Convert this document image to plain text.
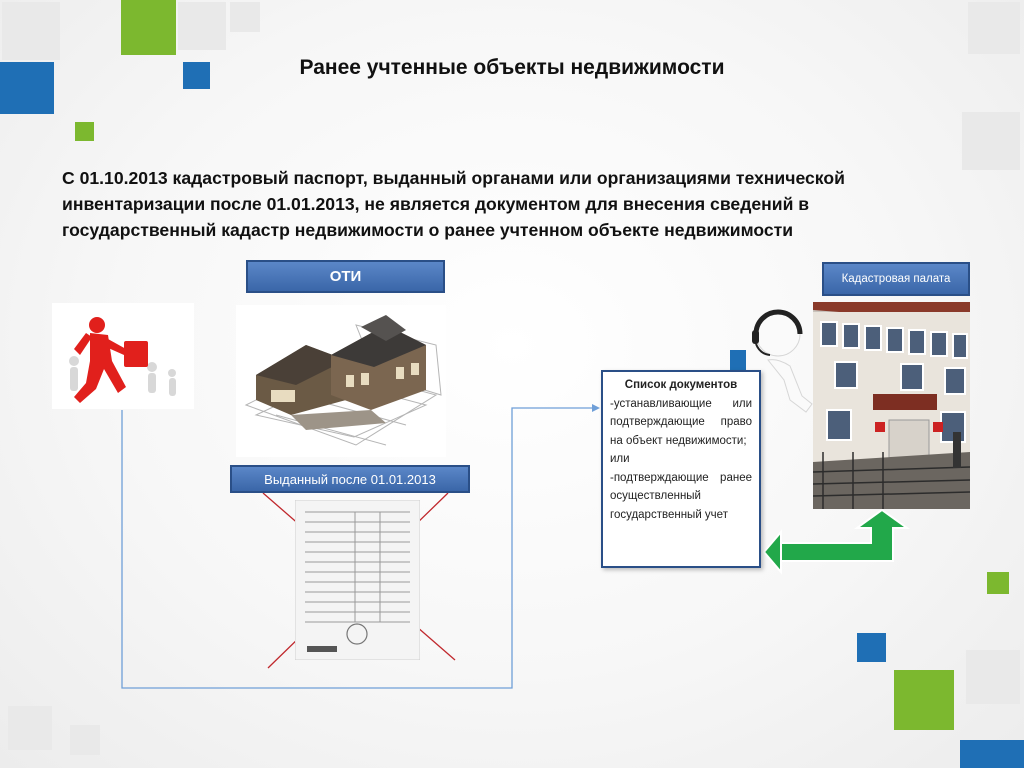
Ранее учтенные объекты недвижимости
С 01.10.2013 кадастровый паспорт, выданный органами или организациями технической инвентаризации после 01.01.2013, не является документом для внесения сведений в государственный кадастр недвижимости о ранее учтенном объекте недвижимости
ОТИ
Выданный после 01.01.2013
Кадастровая палата
Список документов
-устанавливающие или подтверждающие право на объект недвижимости;
или
-подтверждающие ранее осуществленный государственный учет
